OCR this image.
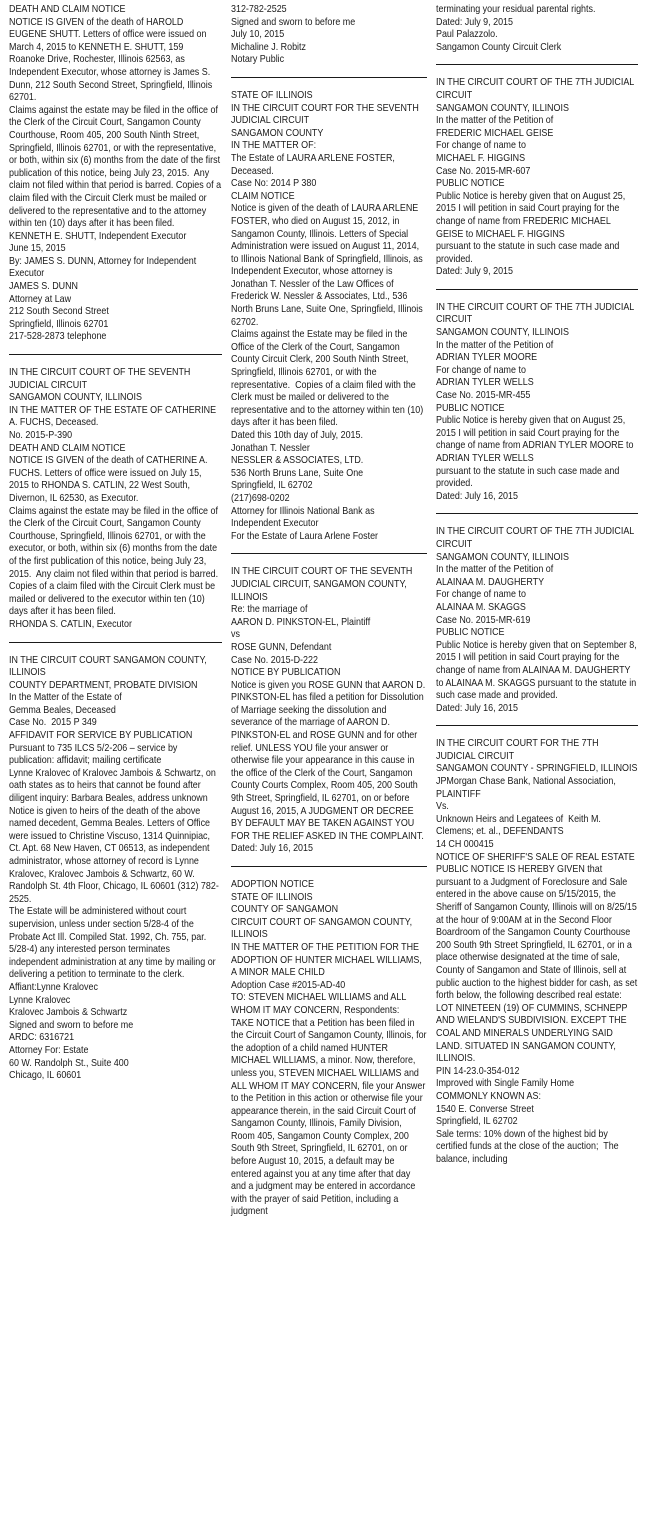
DEATH AND CLAIM NOTICE
NOTICE IS GIVEN of the death of HAROLD EUGENE SHUTT. Letters of office were issued on March 4, 2015 to KENNETH E. SHUTT, 159 Roanoke Drive, Rochester, Illinois 62563, as Independent Executor, whose attorney is James S. Dunn, 212 South Second Street, Springfield, Illinois 62701.
Claims against the estate may be filed in the office of the Clerk of the Circuit Court, Sangamon County Courthouse, Room 405, 200 South Ninth Street, Springfield, Illinois 62701, or with the representative, or both, within six (6) months from the date of the first publication of this notice, being July 23, 2015.  Any claim not filed within that period is barred. Copies of a claim filed with the Circuit Clerk must be mailed or delivered to the representative and to the attorney within ten (10) days after it has been filed.
KENNETH E. SHUTT, Independent Executor
June 15, 2015
By: JAMES S. DUNN, Attorney for Independent Executor
JAMES S. DUNN
Attorney at Law
212 South Second Street
Springfield, Illinois 62701
217-528-2873 telephone
IN THE CIRCUIT COURT OF THE SEVENTH JUDICIAL CIRCUIT
SANGAMON COUNTY, ILLINOIS
IN THE MATTER OF THE ESTATE OF CATHERINE A. FUCHS, Deceased.
No. 2015-P-390
DEATH AND CLAIM NOTICE
NOTICE IS GIVEN of the death of CATHERINE A. FUCHS. Letters of office were issued on July 15, 2015 to RHONDA S. CATLIN, 22 West South, Divernon, IL 62530, as Executor.
Claims against the estate may be filed in the office of the Clerk of the Circuit Court, Sangamon County Courthouse, Springfield, Illinois 62701, or with the executor, or both, within six (6) months from the date of the first publication of this notice, being July 23, 2015.  Any claim not filed within that period is barred. Copies of a claim filed with the Circuit Clerk must be mailed or delivered to the executor within ten (10) days after it has been filed.
RHONDA S. CATLIN, Executor
IN THE CIRCUIT COURT SANGAMON COUNTY, ILLINOIS
COUNTY DEPARTMENT, PROBATE DIVISION
In the Matter of the Estate of
Gemma Beales, Deceased
Case No.  2015 P 349
AFFIDAVIT FOR SERVICE BY PUBLICATION
Pursuant to 735 ILCS 5/2-206 – service by publication: affidavit; mailing certificate
Lynne Kralovec of Kralovec Jambois & Schwartz, on oath states as to heirs that cannot be found after diligent inquiry: Barbara Beales, address unknown
Notice is given to heirs of the death of the above named decedent, Gemma Beales. Letters of Office were issued to Christine Viscuso, 1314 Quinnipiac, Ct. Apt. 68 New Haven, CT 06513, as independent administrator, whose attorney of record is Lynne Kralovec, Kralovec Jambois & Schwartz, 60 W. Randolph St. 4th Floor, Chicago, IL 60601 (312) 782-2525.
The Estate will be administered without court supervision, unless under section 5/28-4 of the Probate Act Ill. Compiled Stat. 1992, Ch. 755, par. 5/28-4) any interested person terminates independent administration at any time by mailing or delivering a petition to terminate to the clerk.
Affiant:Lynne Kralovec
Lynne Kralovec
Kralovec Jambois & Schwartz
Signed and sworn to before me
ARDC: 6316721
Attorney For: Estate
60 W. Randolph St., Suite 400
Chicago, IL 60601
312-782-2525
Signed and sworn to before me
July 10, 2015
Michaline J. Robitz
Notary Public
STATE OF ILLINOIS
IN THE CIRCUIT COURT FOR THE SEVENTH JUDICIAL CIRCUIT
SANGAMON COUNTY
IN THE MATTER OF:
The Estate of LAURA ARLENE FOSTER, Deceased.
Case No: 2014 P 380
CLAIM NOTICE
Notice is given of the death of LAURA ARLENE FOSTER, who died on August 15, 2012, in Sangamon County, Illinois. Letters of Special Administration were issued on August 11, 2014, to Illinois National Bank of Springfield, Illinois, as Independent Executor, whose attorney is Jonathan T. Nessler of the Law Offices of Frederick W. Nessler & Associates, Ltd., 536 North Bruns Lane, Suite One, Springfield, Illinois 62702.
Claims against the Estate may be filed in the Office of the Clerk of the Court, Sangamon County Circuit Clerk, 200 South Ninth Street, Springfield, Illinois 62701, or with the representative.  Copies of a claim filed with the Clerk must be mailed or delivered to the representative and to the attorney within ten (10) days after it has been filed.
Dated this 10th day of July, 2015.
Jonathan T. Nessler
NESSLER & ASSOCIATES, LTD.
536 North Bruns Lane, Suite One
Springfield, IL 62702
(217)698-0202
Attorney for Illinois National Bank as Independent Executor
For the Estate of Laura Arlene Foster
IN THE CIRCUIT COURT OF THE SEVENTH JUDICIAL CIRCUIT, SANGAMON COUNTY, ILLINOIS
Re: the marriage of
AARON D. PINKSTON-EL, Plaintiff
vs
ROSE GUNN, Defendant
Case No. 2015-D-222
NOTICE BY PUBLICATION
Notice is given you ROSE GUNN that AARON D. PINKSTON-EL has filed a petition for Dissolution of Marriage seeking the dissolution and severance of the marriage of AARON D. PINKSTON-EL and ROSE GUNN and for other relief. UNLESS YOU file your answer or otherwise file your appearance in this cause in the office of the Clerk of the Court, Sangamon County Courts Complex, Room 405, 200 South 9th Street, Springfield, IL 62701, on or before August 16, 2015, A JUDGMENT OR DECREE BY DEFAULT MAY BE TAKEN AGAINST YOU FOR THE RELIEF ASKED IN THE COMPLAINT.
Dated: July 16, 2015
ADOPTION NOTICE
STATE OF ILLINOIS
COUNTY OF SANGAMON
CIRCUIT COURT OF SANGAMON COUNTY, ILLINOIS
IN THE MATTER OF THE PETITION FOR THE
ADOPTION OF HUNTER MICHAEL WILLIAMS, A MINOR MALE CHILD
Adoption Case #2015-AD-40
TO: STEVEN MICHAEL WILLIAMS and ALL WHOM IT MAY CONCERN, Respondents:
TAKE NOTICE that a Petition has been filed in the Circuit Court of Sangamon County, Illinois, for the adoption of a child named HUNTER MICHAEL WILLIAMS, a minor. Now, therefore, unless you, STEVEN MICHAEL WILLIAMS and ALL WHOM IT MAY CONCERN, file your Answer to the Petition in this action or otherwise file your appearance therein, in the said Circuit Court of Sangamon County, Illinois, Family Division, Room 405, Sangamon County Complex, 200 South 9th Street, Springfield, IL 62701, on or before August 10, 2015, a default may be entered against you at any time after that day and a judgment may be entered in accordance with the prayer of said Petition, including a judgment
terminating your residual parental rights.
Dated: July 9, 2015
Paul Palazzolo.
Sangamon County Circuit Clerk
IN THE CIRCUIT COURT OF THE 7TH JUDICIAL CIRCUIT
SANGAMON COUNTY, ILLINOIS
In the matter of the Petition of
FREDERIC MICHAEL GEISE
For change of name to
MICHAEL F. HIGGINS
Case No. 2015-MR-607
PUBLIC NOTICE
Public Notice is hereby given that on August 25, 2015 I will petition in said Court praying for the change of name from FREDERIC MICHAEL GEISE to MICHAEL F. HIGGINS
pursuant to the statute in such case made and provided.
Dated: July 9, 2015
IN THE CIRCUIT COURT OF THE 7TH JUDICIAL CIRCUIT
SANGAMON COUNTY, ILLINOIS
In the matter of the Petition of
ADRIAN TYLER MOORE
For change of name to
ADRIAN TYLER WELLS
Case No. 2015-MR-455
PUBLIC NOTICE
Public Notice is hereby given that on August 25, 2015 I will petition in said Court praying for the change of name from ADRIAN TYLER MOORE to ADRIAN TYLER WELLS
pursuant to the statute in such case made and provided.
Dated: July 16, 2015
IN THE CIRCUIT COURT OF THE 7TH JUDICIAL CIRCUIT
SANGAMON COUNTY, ILLINOIS
In the matter of the Petition of
ALAINAA M. DAUGHERTY
For change of name to
ALAINAA M. SKAGGS
Case No. 2015-MR-619
PUBLIC NOTICE
Public Notice is hereby given that on September 8, 2015 I will petition in said Court praying for the change of name from ALAINAA M. DAUGHERTY to ALAINAA M. SKAGGS pursuant to the statute in such case made and provided.
Dated: July 16, 2015
IN THE CIRCUIT COURT FOR THE 7TH JUDICIAL CIRCUIT
SANGAMON COUNTY - SPRINGFIELD, ILLINOIS
JPMorgan Chase Bank, National Association, PLAINTIFF
Vs.
Unknown Heirs and Legatees of  Keith M. Clemens; et. al., DEFENDANTS
14 CH 000415
NOTICE OF SHERIFF'S SALE OF REAL ESTATE
PUBLIC NOTICE IS HEREBY GIVEN that pursuant to a Judgment of Foreclosure and Sale entered in the above cause on 5/15/2015, the Sheriff of Sangamon County, Illinois will on 8/25/15 at the hour of 9:00AM at in the Second Floor Boardroom of the Sangamon County Courthouse 200 South 9th Street Springfield, IL 62701, or in a place otherwise designated at the time of sale, County of Sangamon and State of Illinois, sell at public auction to the highest bidder for cash, as set forth below, the following described real estate:
LOT NINETEEN (19) OF CUMMINS, SCHNEPP AND WIELAND'S SUBDIVISION. EXCEPT THE COAL AND MINERALS UNDERLYING SAID LAND. SITUATED IN SANGAMON COUNTY, ILLINOIS.
PIN 14-23.0-354-012
Improved with Single Family Home
COMMONLY KNOWN AS:
1540 E. Converse Street
Springfield, IL 62702
Sale terms: 10% down of the highest bid by certified funds at the close of the auction;  The balance, including
